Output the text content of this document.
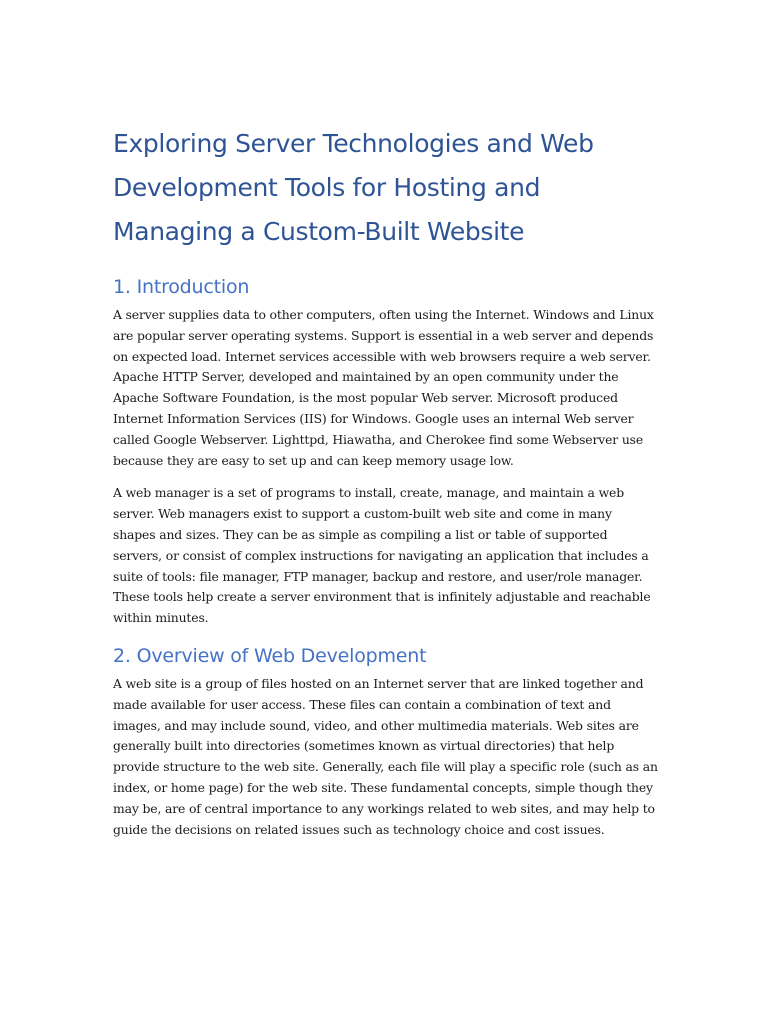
Exploring Server Technologies and Web Development Tools for Hosting and Managing a Custom-Built Website
1. Introduction

A server supplies data to other computers, often using the Internet. Windows and Linux are popular server operating systems. Support is essential in a web server and depends on expected load. Internet services accessible with web browsers require a web server. Apache HTTP Server, developed and maintained by an open community under the Apache Software Foundation, is the most popular Web server. Microsoft produced Internet Information Services (IIS) for Windows. Google uses an internal Web server called Google Webserver. Lighttpd, Hiawatha, and Cherokee find some Webserver use because they are easy to set up and can keep memory usage low.

A web manager is a set of programs to install, create, manage, and maintain a web server. Web managers exist to support a custom-built web site and come in many shapes and sizes. They can be as simple as compiling a list or table of supported servers, or consist of complex instructions for navigating an application that includes a suite of tools: file manager, FTP manager, backup and restore, and user/role manager. These tools help create a server environment that is infinitely adjustable and reachable within minutes.

2. Overview of Web Development

A web site is a group of files hosted on an Internet server that are linked together and made available for user access. These files can contain a combination of text and images, and may include sound, video, and other multimedia materials. Web sites are generally built into directories (sometimes known as virtual directories) that help provide structure to the web site. Generally, each file will play a specific role (such as an index, or home page) for the web site. These fundamental concepts, simple though they may be, are of central importance to any workings related to web sites, and may help to guide the decisions on related issues such as technology choice and cost issues.
